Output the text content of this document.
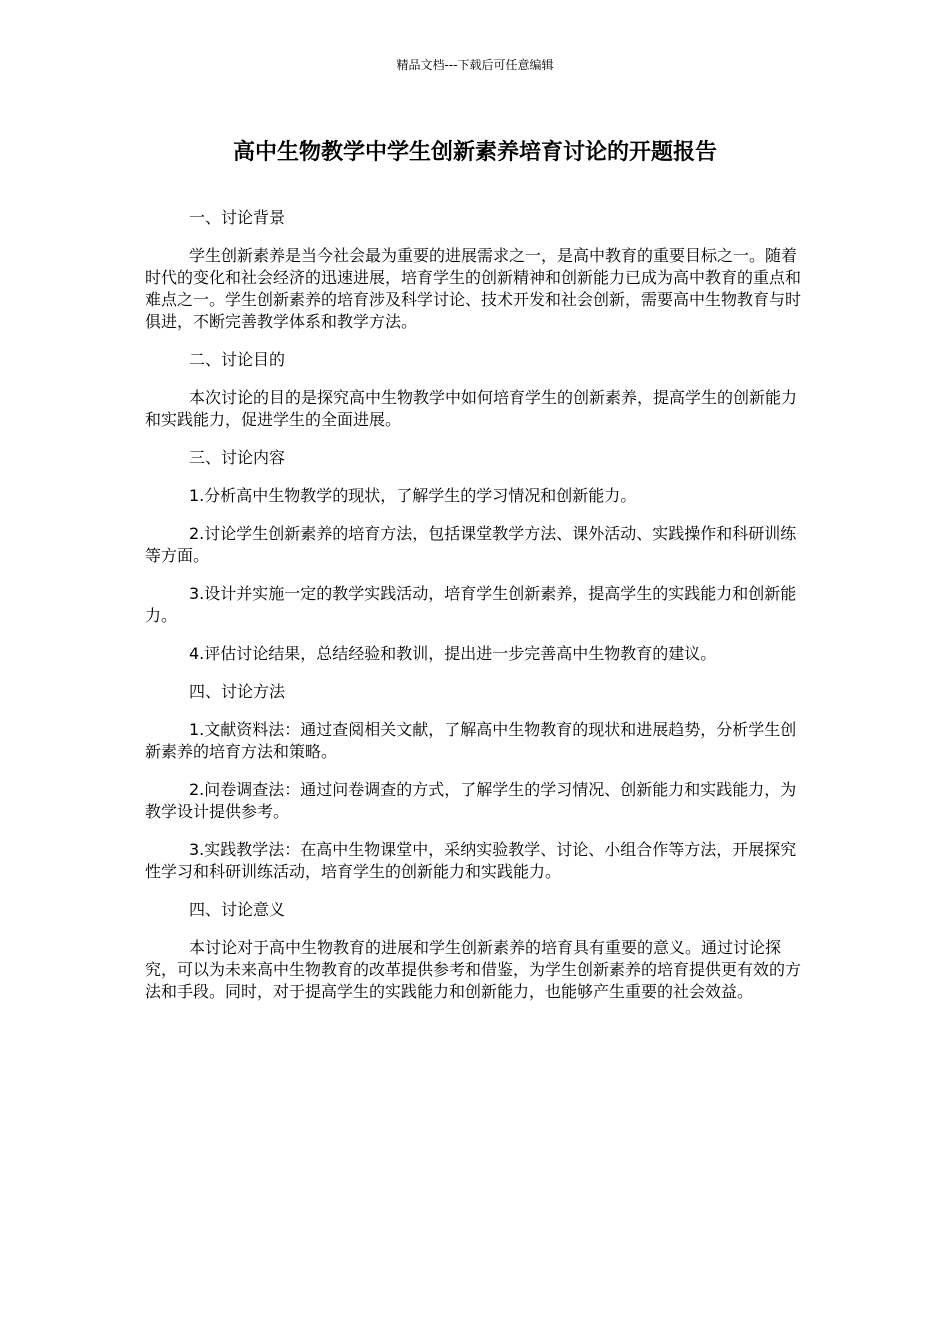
精品文档---下载后可任意编辑
高中生物教学中学生创新素养培育讨论的开题报告

一、讨论背景

学生创新素养是当今社会最为重要的进展需求之一，是高中教育的重要目标之一。随着时代的变化和社会经济的迅速进展，培育学生的创新精神和创新能力已成为高中教育的重点和难点之一。学生创新素养的培育涉及科学讨论、技术开发和社会创新，需要高中生物教育与时俱进，不断完善教学体系和教学方法。

二、讨论目的

本次讨论的目的是探究高中生物教学中如何培育学生的创新素养，提高学生的创新能力和实践能力，促进学生的全面进展。

三、讨论内容

1.分析高中生物教学的现状，了解学生的学习情况和创新能力。

2.讨论学生创新素养的培育方法，包括课堂教学方法、课外活动、实践操作和科研训练等方面。

3.设计并实施一定的教学实践活动，培育学生创新素养，提高学生的实践能力和创新能力。

4.评估讨论结果，总结经验和教训，提出进一步完善高中生物教育的建议。

四、讨论方法

1.文献资料法：通过查阅相关文献，了解高中生物教育的现状和进展趋势，分析学生创新素养的培育方法和策略。

2.问卷调查法：通过问卷调查的方式，了解学生的学习情况、创新能力和实践能力，为教学设计提供参考。

3.实践教学法：在高中生物课堂中，采纳实验教学、讨论、小组合作等方法，开展探究性学习和科研训练活动，培育学生的创新能力和实践能力。

四、讨论意义

本讨论对于高中生物教育的进展和学生创新素养的培育具有重要的意义。通过讨论探究，可以为未来高中生物教育的改革提供参考和借鉴，为学生创新素养的培育提供更有效的方法和手段。同时，对于提高学生的实践能力和创新能力，也能够产生重要的社会效益。
